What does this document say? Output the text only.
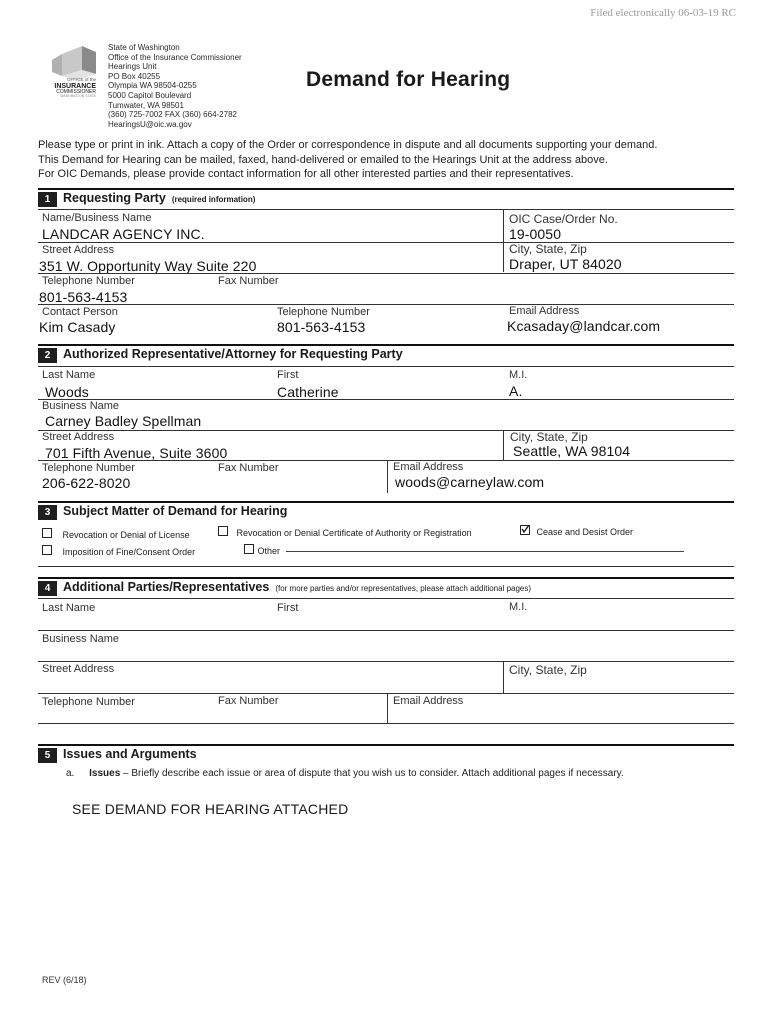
Filed electronically 06-03-19 RC
OFFICE of the
INSURANCE
COMMISSIONER
WASHINGTON STATE
State of Washington
Office of the Insurance Commissioner
Hearings Unit
PO Box 40255
Olympia WA 98504-0255
5000 Capitol Boulevard
Tumwater, WA 98501
(360) 725-7002 FAX (360) 664-2782
HearingsU@oic.wa.gov
Demand for Hearing
Please type or print in ink. Attach a copy of the Order or correspondence in dispute and all documents supporting your demand.
This Demand for Hearing can be mailed, faxed, hand-delivered or emailed to the Hearings Unit at the address above.
For OIC Demands, please provide contact information for all other interested parties and their representatives.
1	Requesting Party (required information)
Name/Business Name
LANDCAR AGENCY INC.
OIC Case/Order No.
19-0050
Street Address
351 W. Opportunity Way Suite 220
City, State, Zip
Draper, UT 84020
Telephone Number
801-563-4153
Fax Number
Contact Person
Kim Casady
Telephone Number
801-563-4153
Email Address
Kcasaday@landcar.com
2	Authorized Representative/Attorney for Requesting Party
Last Name
Woods
First
Catherine
M.I.
A.
Business Name
Carney Badley Spellman
Street Address
701 Fifth Avenue, Suite 3600
City, State, Zip
Seattle, WA 98104
Telephone Number
206-622-8020
Fax Number	Email Address
woods@carneylaw.com
3	Subject Matter of Demand for Hearing
Revocation or Denial of License	Revocation or Denial Certificate of Authority or Registration	Cease and Desist Order
Imposition of Fine/Consent Order	Other
4	Additional Parties/Representatives (for more parties and/or representatives, please attach additional pages)
Last Name	First	M.I.
Business Name
Street Address	City, State, Zip
Telephone Number	Fax Number	Email Address
5	Issues and Arguments
a. Issues – Briefly describe each issue or area of dispute that you wish us to consider. Attach additional pages if necessary.
SEE DEMAND FOR HEARING ATTACHED
REV (6/18)
